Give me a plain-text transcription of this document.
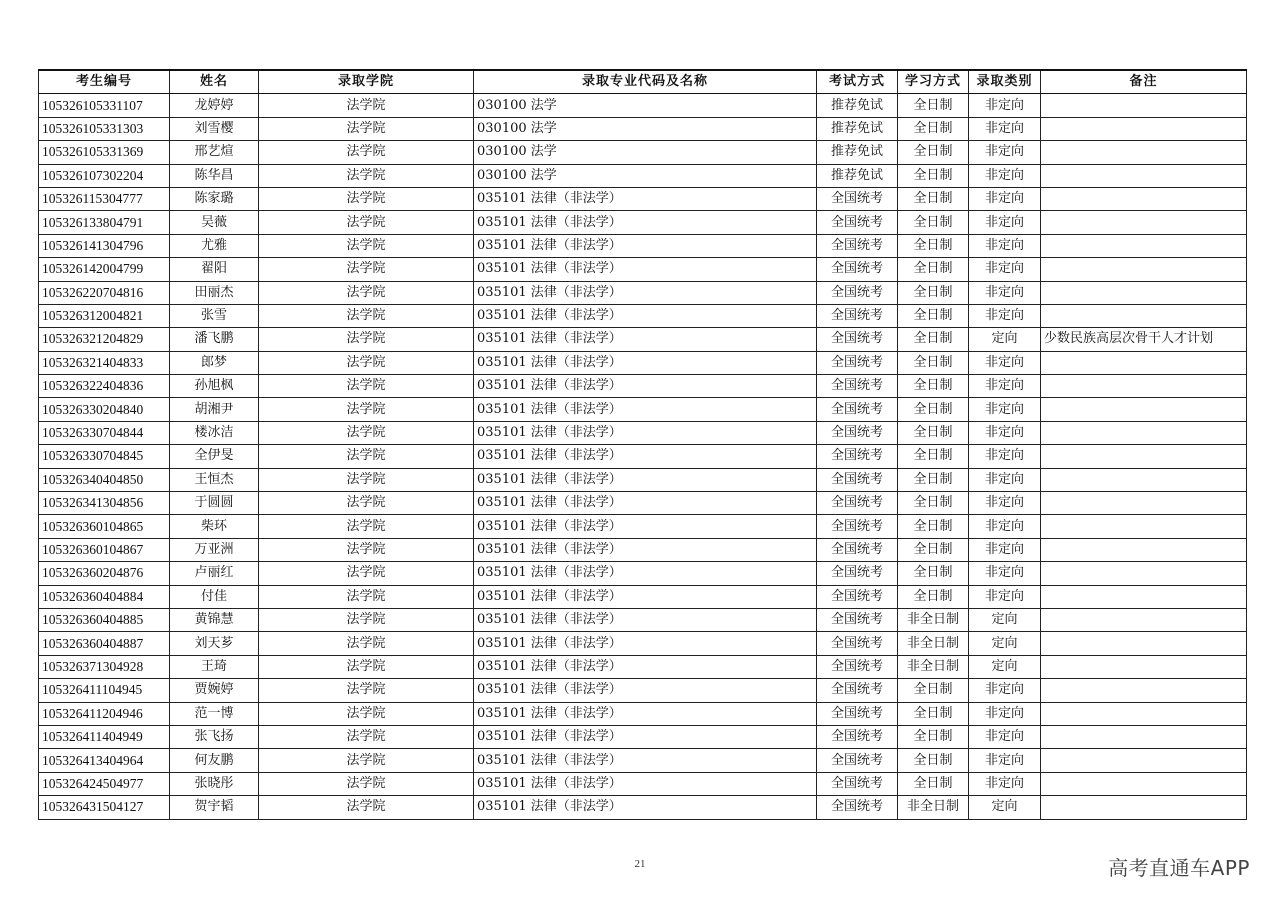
考生编号	姓名	录取学院	录取专业代码及名称	考试方式	学习方式	录取类别	备注
105326105331107	龙婷婷	法学院	030100 法学	推荐免试	全日制	非定向	
105326105331303	刘雪樱	法学院	030100 法学	推荐免试	全日制	非定向	
105326105331369	邢艺煊	法学院	030100 法学	推荐免试	全日制	非定向	
105326107302204	陈华昌	法学院	030100 法学	推荐免试	全日制	非定向	
105326115304777	陈家璐	法学院	035101 法律（非法学）	全国统考	全日制	非定向	
105326133804791	吴薇	法学院	035101 法律（非法学）	全国统考	全日制	非定向	
105326141304796	尤雅	法学院	035101 法律（非法学）	全国统考	全日制	非定向	
105326142004799	翟阳	法学院	035101 法律（非法学）	全国统考	全日制	非定向	
105326220704816	田丽杰	法学院	035101 法律（非法学）	全国统考	全日制	非定向	
105326312004821	张雪	法学院	035101 法律（非法学）	全国统考	全日制	非定向	
105326321204829	潘飞鹏	法学院	035101 法律（非法学）	全国统考	全日制	定向	少数民族高层次骨干人才计划
105326321404833	郎梦	法学院	035101 法律（非法学）	全国统考	全日制	非定向	
105326322404836	孙旭枫	法学院	035101 法律（非法学）	全国统考	全日制	非定向	
105326330204840	胡湘尹	法学院	035101 法律（非法学）	全国统考	全日制	非定向	
105326330704844	楼冰洁	法学院	035101 法律（非法学）	全国统考	全日制	非定向	
105326330704845	全伊旻	法学院	035101 法律（非法学）	全国统考	全日制	非定向	
105326340404850	王恒杰	法学院	035101 法律（非法学）	全国统考	全日制	非定向	
105326341304856	于圆圆	法学院	035101 法律（非法学）	全国统考	全日制	非定向	
105326360104865	柴环	法学院	035101 法律（非法学）	全国统考	全日制	非定向	
105326360104867	万亚洲	法学院	035101 法律（非法学）	全国统考	全日制	非定向	
105326360204876	卢丽红	法学院	035101 法律（非法学）	全国统考	全日制	非定向	
105326360404884	付佳	法学院	035101 法律（非法学）	全国统考	全日制	非定向	
105326360404885	黄锦慧	法学院	035101 法律（非法学）	全国统考	非全日制	定向	
105326360404887	刘天芗	法学院	035101 法律（非法学）	全国统考	非全日制	定向	
105326371304928	王琦	法学院	035101 法律（非法学）	全国统考	非全日制	定向	
105326411104945	贾婉婷	法学院	035101 法律（非法学）	全国统考	全日制	非定向	
105326411204946	范一博	法学院	035101 法律（非法学）	全国统考	全日制	非定向	
105326411404949	张飞扬	法学院	035101 法律（非法学）	全国统考	全日制	非定向	
105326413404964	何友鹏	法学院	035101 法律（非法学）	全国统考	全日制	非定向	
105326424504977	张晓彤	法学院	035101 法律（非法学）	全国统考	全日制	非定向	
105326431504127	贺宇韬	法学院	035101 法律（非法学）	全国统考	非全日制	定向	
21	高考直通车APP
